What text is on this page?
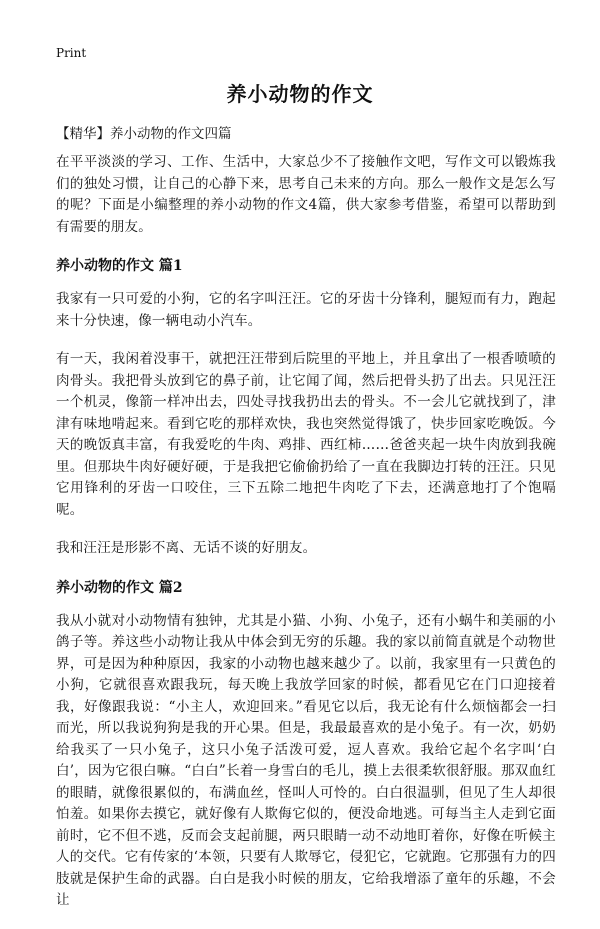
Print
养小动物的作文
【精华】养小动物的作文四篇

在平平淡淡的学习、工作、生活中，大家总少不了接触作文吧，写作文可以锻炼我们的独处习惯，让自己的心静下来，思考自己未来的方向。那么一般作文是怎么写的呢？下面是小编整理的养小动物的作文4篇，供大家参考借鉴，希望可以帮助到有需要的朋友。

养小动物的作文 篇1

我家有一只可爱的小狗，它的名字叫汪汪。它的牙齿十分锋利，腿短而有力，跑起来十分快速，像一辆电动小汽车。

有一天，我闲着没事干，就把汪汪带到后院里的平地上，并且拿出了一根香喷喷的肉骨头。我把骨头放到它的鼻子前，让它闻了闻，然后把骨头扔了出去。只见汪汪一个机灵，像箭一样冲出去，四处寻找我扔出去的骨头。不一会儿它就找到了，津津有味地啃起来。看到它吃的那样欢快，我也突然觉得饿了，快步回家吃晚饭。今天的晚饭真丰富，有我爱吃的牛肉、鸡排、西红柿……爸爸夹起一块牛肉放到我碗里。但那块牛肉好硬好硬，于是我把它偷偷扔给了一直在我脚边打转的汪汪。只见它用锋利的牙齿一口咬住，三下五除二地把牛肉吃了下去，还满意地打了个饱嗝呢。

我和汪汪是形影不离、无话不谈的好朋友。

养小动物的作文 篇2

我从小就对小动物情有独钟，尤其是小猫、小狗、小兔子，还有小蜗牛和美丽的小鸽子等。养这些小动物让我从中体会到无穷的乐趣。我的家以前简直就是个动物世界，可是因为种种原因，我家的小动物也越来越少了。以前，我家里有一只黄色的小狗，它就很喜欢跟我玩，每天晚上我放学回家的时候，都看见它在门口迎接着我，好像跟我说：“小主人，欢迎回来。”看见它以后，我无论有什么烦恼都会一扫而光，所以我说狗狗是我的开心果。但是，我最最喜欢的是小兔子。有一次，奶奶给我买了一只小兔子，这只小兔子活泼可爱，逗人喜欢。我给它起个名字叫‘白白’，因为它很白嘛。“白白”长着一身雪白的毛儿，摸上去很柔软很舒服。那双血红的眼睛，就像很累似的，布满血丝，怪叫人可怜的。白白很温驯，但见了生人却很怕羞。如果你去摸它，就好像有人欺侮它似的，便没命地逃。可每当主人走到它面前时，它不但不逃，反而会支起前腿，两只眼睛一动不动地盯着你，好像在听候主人的交代。它有传家的‘本领，只要有人欺辱它，侵犯它，它就跑。它那强有力的四肢就是保护生命的武器。白白是我小时候的朋友，它给我增添了童年的乐趣，不会让
